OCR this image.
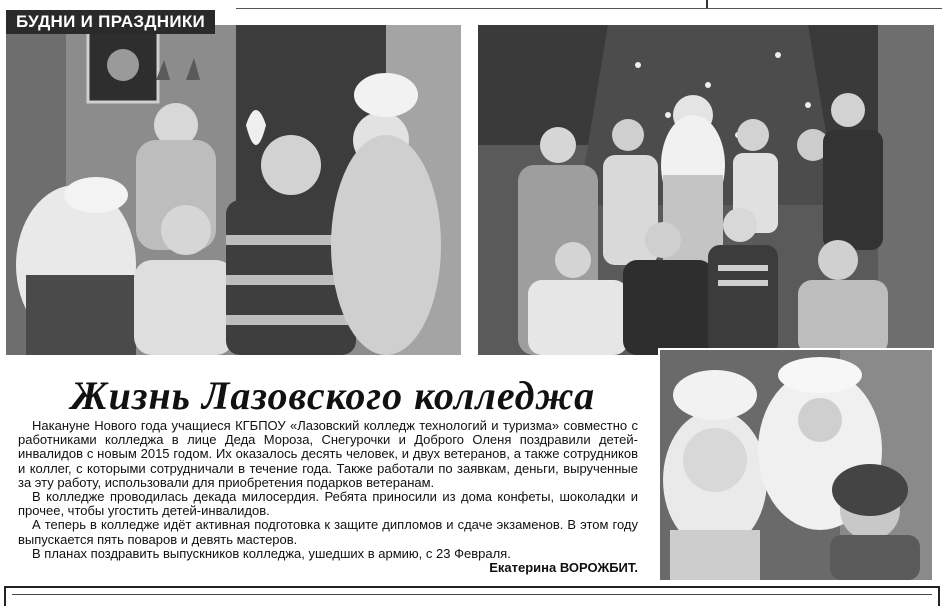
БУДНИ И ПРАЗДНИКИ
Жизнь Лазовского колледжа

Накануне Нового года учащиеся КГБПОУ «Лазовский колледж технологий и туризма» совместно с работниками колледжа в лице Деда Мороза, Снегурочки и Доброго Оленя поздравили детей-инвалидов с новым 2015 годом. Их оказалось десять человек, и двух ветеранов, а также сотрудников и коллег, с которыми сотрудничали в течение года. Также работали по заявкам, деньги, вырученные за эту работу, использовали для приобретения подарков ветеранам.

В колледже проводилась декада милосердия. Ребята приносили из дома конфеты, шоколадки и прочее, чтобы угостить детей-инвалидов.

А теперь в колледже идёт активная подготовка к защите дипломов и сдаче экзаменов. В этом году выпускается пять поваров и девять мастеров.

В планах поздравить выпускников колледжа, ушедших в армию, с 23 Февраля.

Екатерина ВОРОЖБИТ.
